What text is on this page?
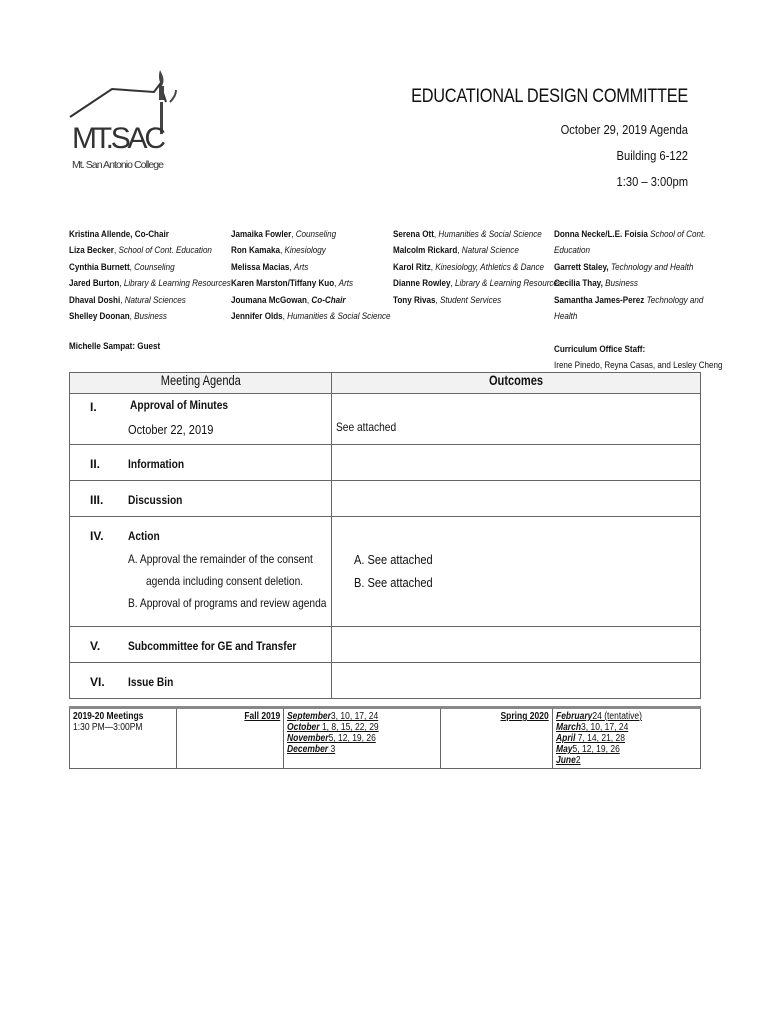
MT.SAC
Mt. San Antonio College
EDUCATIONAL DESIGN COMMITTEE
October 29, 2019 Agenda
Building 6-122
1:30 – 3:00pm
Kristina Allende, Co-Chair
Liza Becker, School of Cont. Education
Cynthia Burnett, Counseling
Jared Burton, Library & Learning Resources
Dhaval Doshi, Natural Sciences
Shelley Doonan, Business
Jamaika Fowler, Counseling
Ron Kamaka, Kinesiology
Melissa Macias, Arts
Karen Marston/Tiffany Kuo, Arts
Joumana McGowan, Co-Chair
Jennifer Olds, Humanities & Social Science
Serena Ott, Humanities & Social Science
Malcolm Rickard, Natural Science
Karol Ritz, Kinesiology, Athletics & Dance
Dianne Rowley, Library & Learning Resources
Tony Rivas, Student Services
Donna Necke/L.E. Foisia School of Cont.
Education
Garrett Staley, Technology and Health
Cecilia Thay, Business
Samantha James-Perez Technology and
Health
Michelle Sampat: Guest	Curriculum Office Staff:
Irene Pinedo, Reyna Casas, and Lesley Cheng
Meeting Agenda	Outcomes

I. Approval of Minutes
October 22, 2019	See attached

II. Information	

III. Discussion	

IV. Action
A. Approval the remainder of the consent
agenda including consent deletion.
B. Approval of programs and review agenda	A. See attached
B. See attached

V. Subcommittee for GE and Transfer	

VI. Issue Bin	

2019-20 Meetings
1:30 PM—3:00PM
	Fall 2019	September3, 10, 17, 24
October 1, 8, 15, 22, 29
November5, 12, 19, 26
December 3	Spring 2020	February24 (tentative)
March3, 10, 17, 24
April 7, 14, 21, 28
May5, 12, 19, 26
June2
